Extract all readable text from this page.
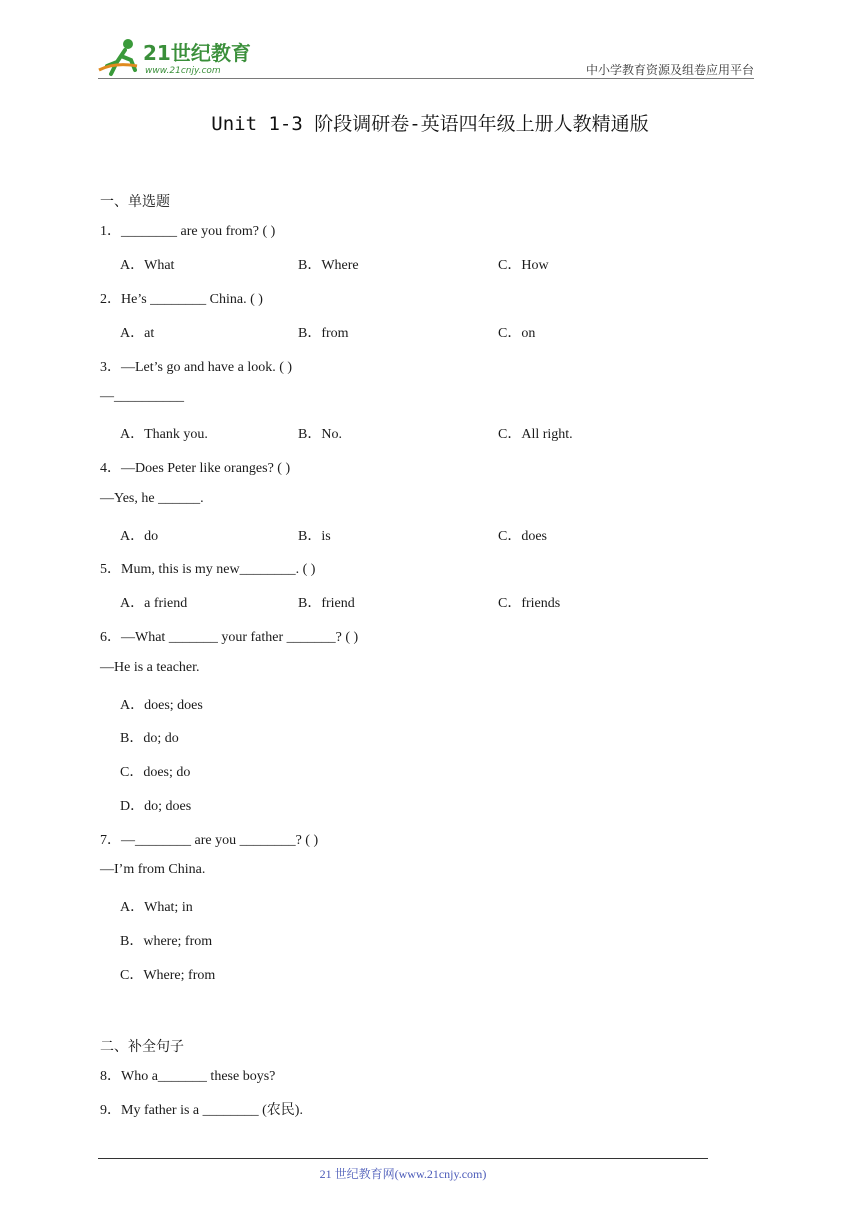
21世纪教育
www.21cnjy.com	中小学教育资源及组卷应用平台
Unit 1-3 阶段调研卷-英语四年级上册人教精通版
一、单选题
1．________ are you from? ( )
A．What	B．Where	C．How
2．He’s ________ China. ( )
A．at	B．from	C．on
3．—Let’s go and have a look. ( )
—__________
A．Thank you.	B．No.	C．All right.
4．—Does Peter like oranges? ( )
—Yes, he ______.
A．do	B．is	C．does
5．Mum, this is my new________. ( )
A．a friend	B．friend	C．friends
6．—What _______ your father _______? ( )
—He is a teacher.
A．does; does
B．do; do
C．does; do
D．do; does
7．—________ are you ________? ( )
—I’m from China.
A．What; in
B．where; from
C．Where; from
二、补全句子
8．Who a_______ these boys?
9．My father is a ________ (农民).
21 世纪教育网(www.21cnjy.com)
